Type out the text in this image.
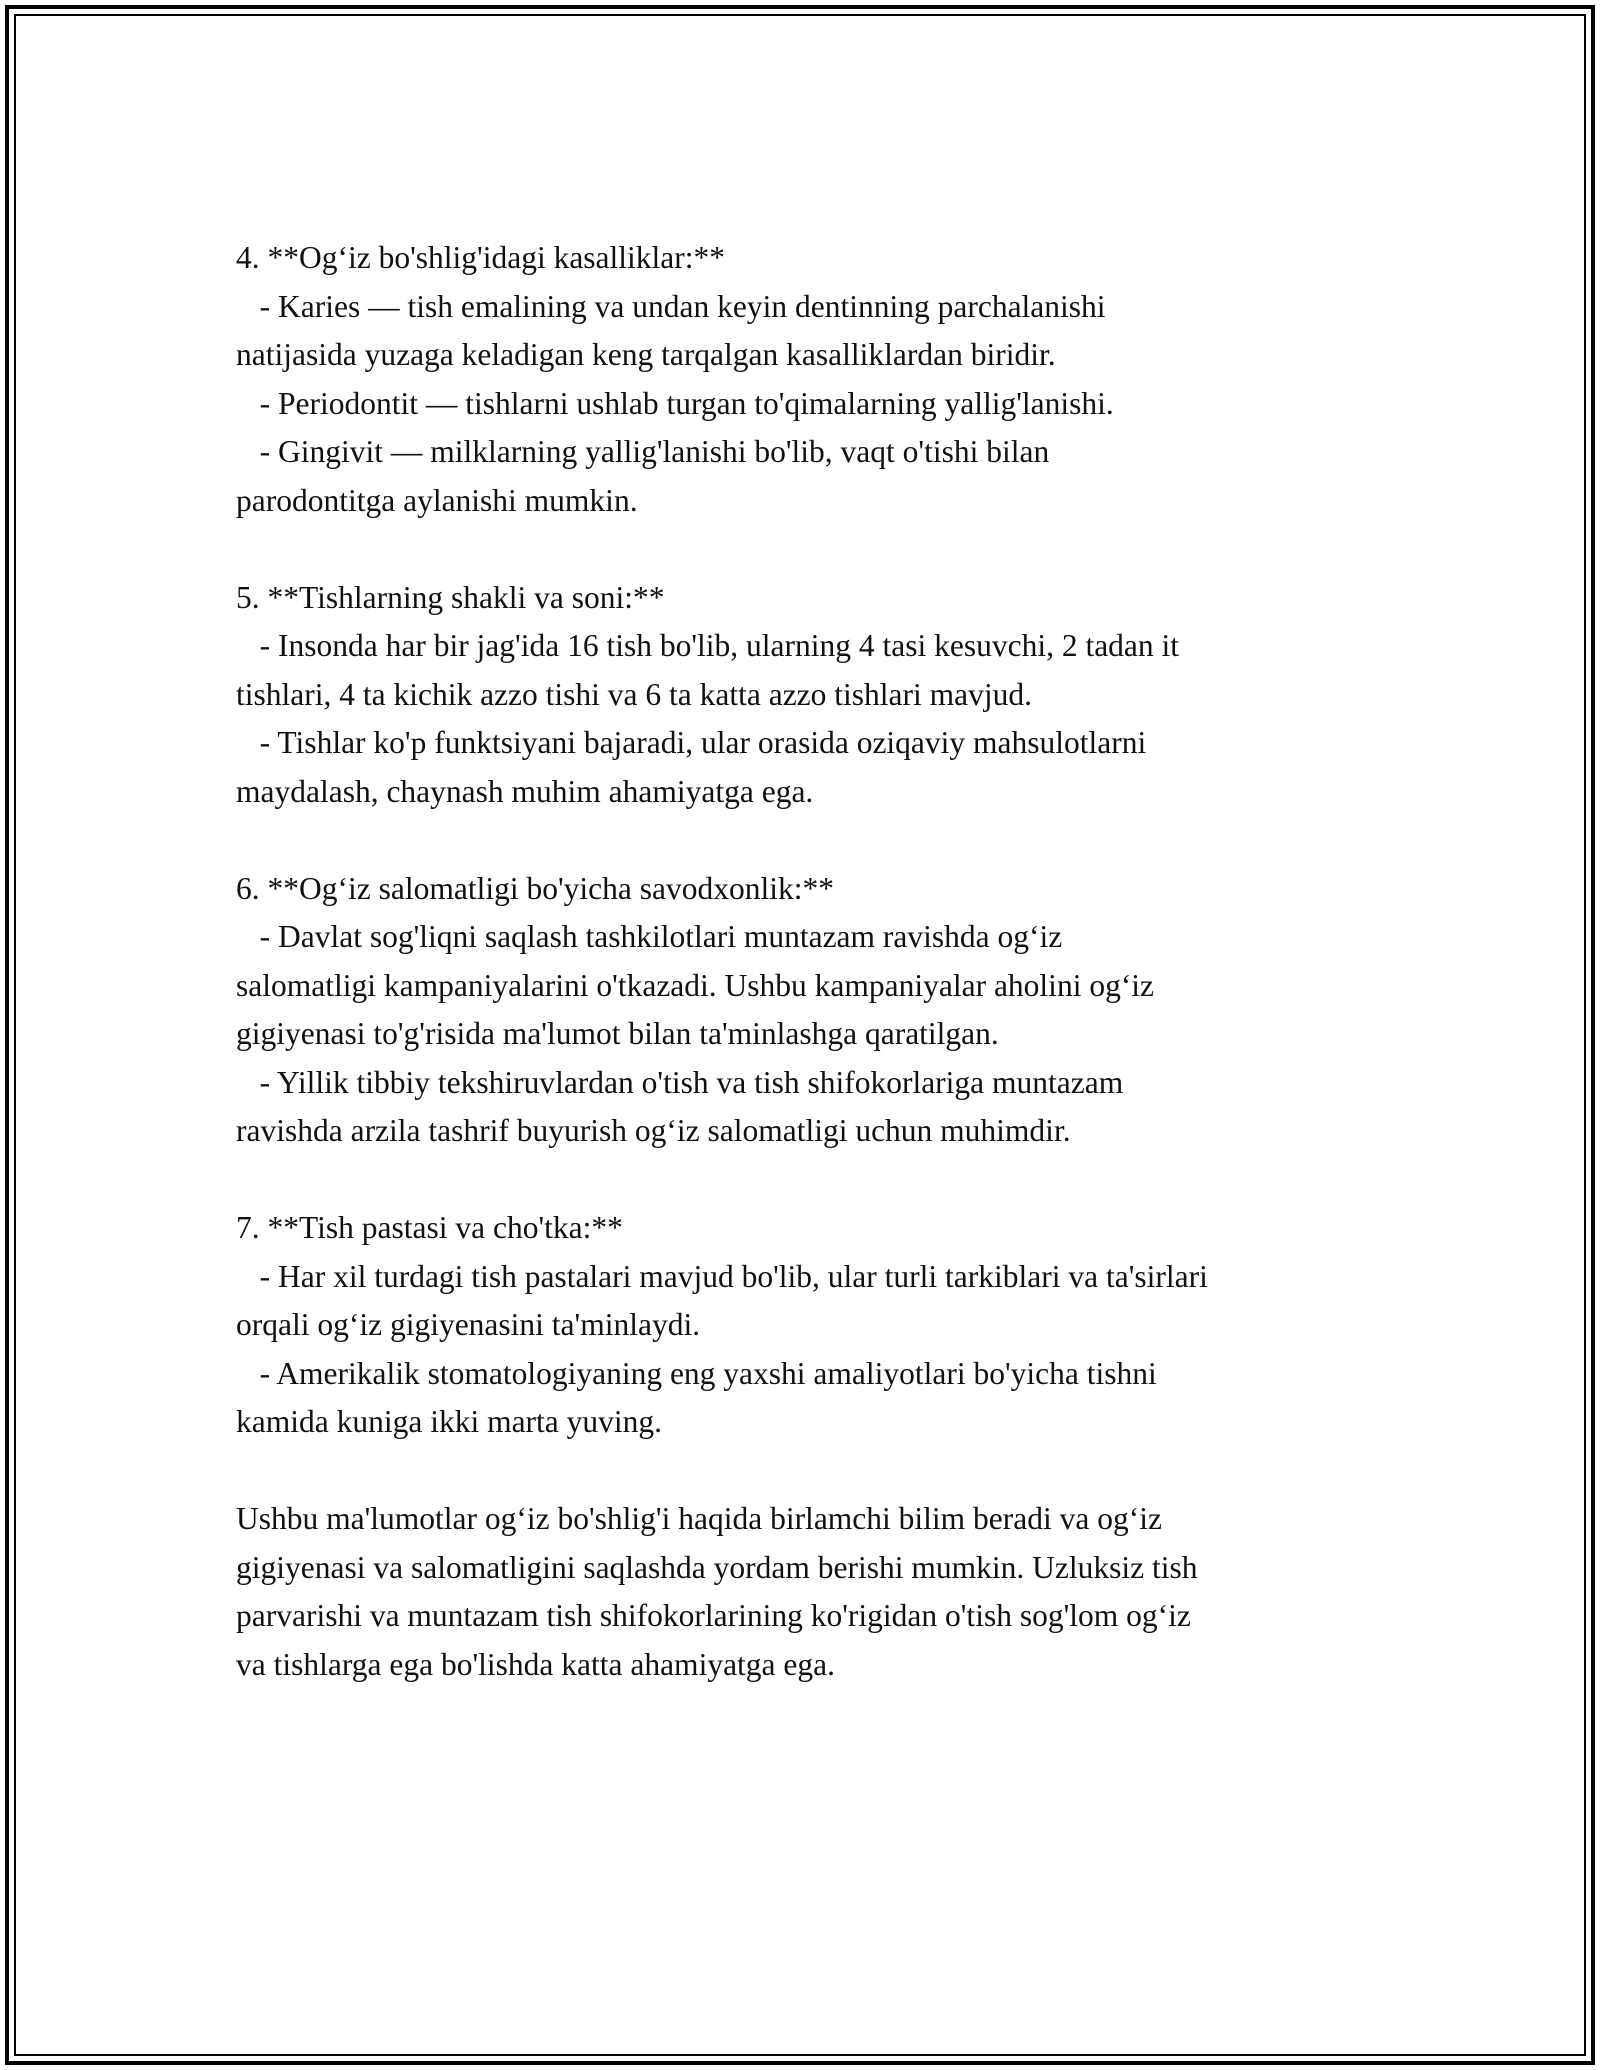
4. **Og‘iz bo'shlig'idagi kasalliklar:**
- Karies — tish emalining va undan keyin dentinning parchalanishi
natijasida yuzaga keladigan keng tarqalgan kasalliklardan biridir.
- Periodontit — tishlarni ushlab turgan to'qimalarning yallig'lanishi.
- Gingivit — milklarning yallig'lanishi bo'lib, vaqt o'tishi bilan
parodontitga aylanishi mumkin.
5. **Tishlarning shakli va soni:**
- Insonda har bir jag'ida 16 tish bo'lib, ularning 4 tasi kesuvchi, 2 tadan it
tishlari, 4 ta kichik azzo tishi va 6 ta katta azzo tishlari mavjud.
- Tishlar ko'p funktsiyani bajaradi, ular orasida oziqaviy mahsulotlarni
maydalash, chaynash muhim ahamiyatga ega.
6. **Og‘iz salomatligi bo'yicha savodxonlik:**
- Davlat sog'liqni saqlash tashkilotlari muntazam ravishda og‘iz
salomatligi kampaniyalarini o'tkazadi. Ushbu kampaniyalar aholini og‘iz
gigiyenasi to'g'risida ma'lumot bilan ta'minlashga qaratilgan.
- Yillik tibbiy tekshiruvlardan o'tish va tish shifokorlariga muntazam
ravishda arzila tashrif buyurish og‘iz salomatligi uchun muhimdir.
7. **Tish pastasi va cho'tka:**
- Har xil turdagi tish pastalari mavjud bo'lib, ular turli tarkiblari va ta'sirlari
orqali og‘iz gigiyenasini ta'minlaydi.
- Amerikalik stomatologiyaning eng yaxshi amaliyotlari bo'yicha tishni
kamida kuniga ikki marta yuving.
Ushbu ma'lumotlar og‘iz bo'shlig'i haqida birlamchi bilim beradi va og‘iz
gigiyenasi va salomatligini saqlashda yordam berishi mumkin. Uzluksiz tish
parvarishi va muntazam tish shifokorlarining ko'rigidan o'tish sog'lom og‘iz
va tishlarga ega bo'lishda katta ahamiyatga ega.
